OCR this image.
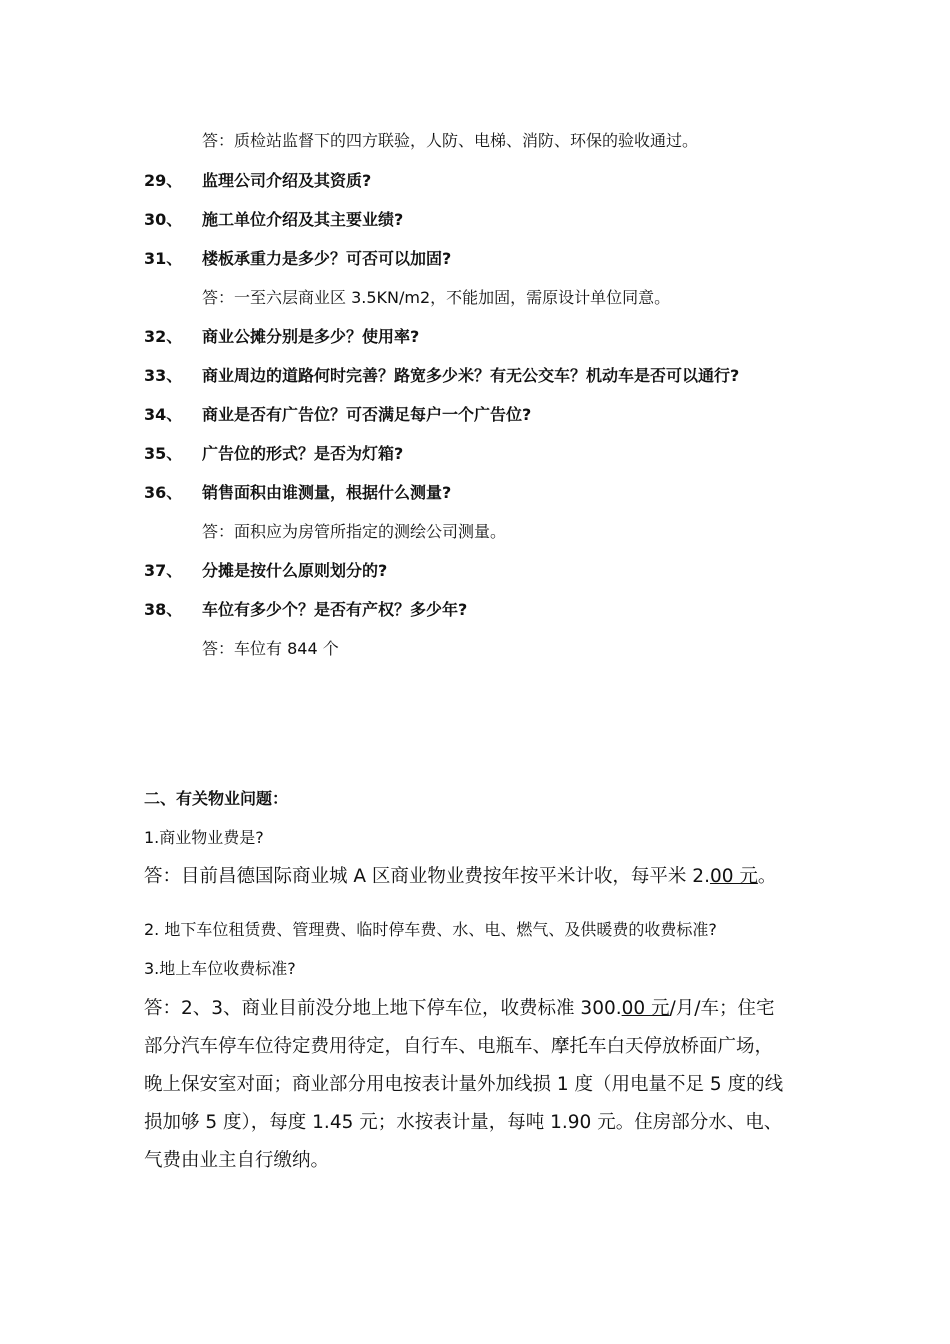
答：质检站监督下的四方联验，人防、电梯、消防、环保的验收通过。
29、 监理公司介绍及其资质?
30、 施工单位介绍及其主要业绩?
31、 楼板承重力是多少？可否可以加固?
答：一至六层商业区 3.5KN/m2，不能加固，需原设计单位同意。
32、 商业公摊分别是多少？使用率?
33、 商业周边的道路何时完善？路宽多少米？有无公交车？机动车是否可以通行?
34、 商业是否有广告位？可否满足每户一个广告位?
35、 广告位的形式？是否为灯箱?
36、 销售面积由谁测量，根据什么测量?
答：面积应为房管所指定的测绘公司测量。
37、 分摊是按什么原则划分的?
38、 车位有多少个？是否有产权？多少年?
答：车位有 844 个
二、有关物业问题：
1.商业物业费是?
答：目前昌德国际商业城 A 区商业物业费按年按平米计收，每平米 2.00 元。
2. 地下车位租赁费、管理费、临时停车费、水、电、燃气、及供暖费的收费标准?
3.地上车位收费标准?
答：2、3、商业目前没分地上地下停车位，收费标准 300.00 元/月/车；住宅
部分汽车停车位待定费用待定，自行车、电瓶车、摩托车白天停放桥面广场，
晚上保安室对面；商业部分用电按表计量外加线损 1 度（用电量不足 5 度的线
损加够 5 度），每度 1.45 元；水按表计量，每吨 1.90 元。住房部分水、电、
气费由业主自行缴纳。
